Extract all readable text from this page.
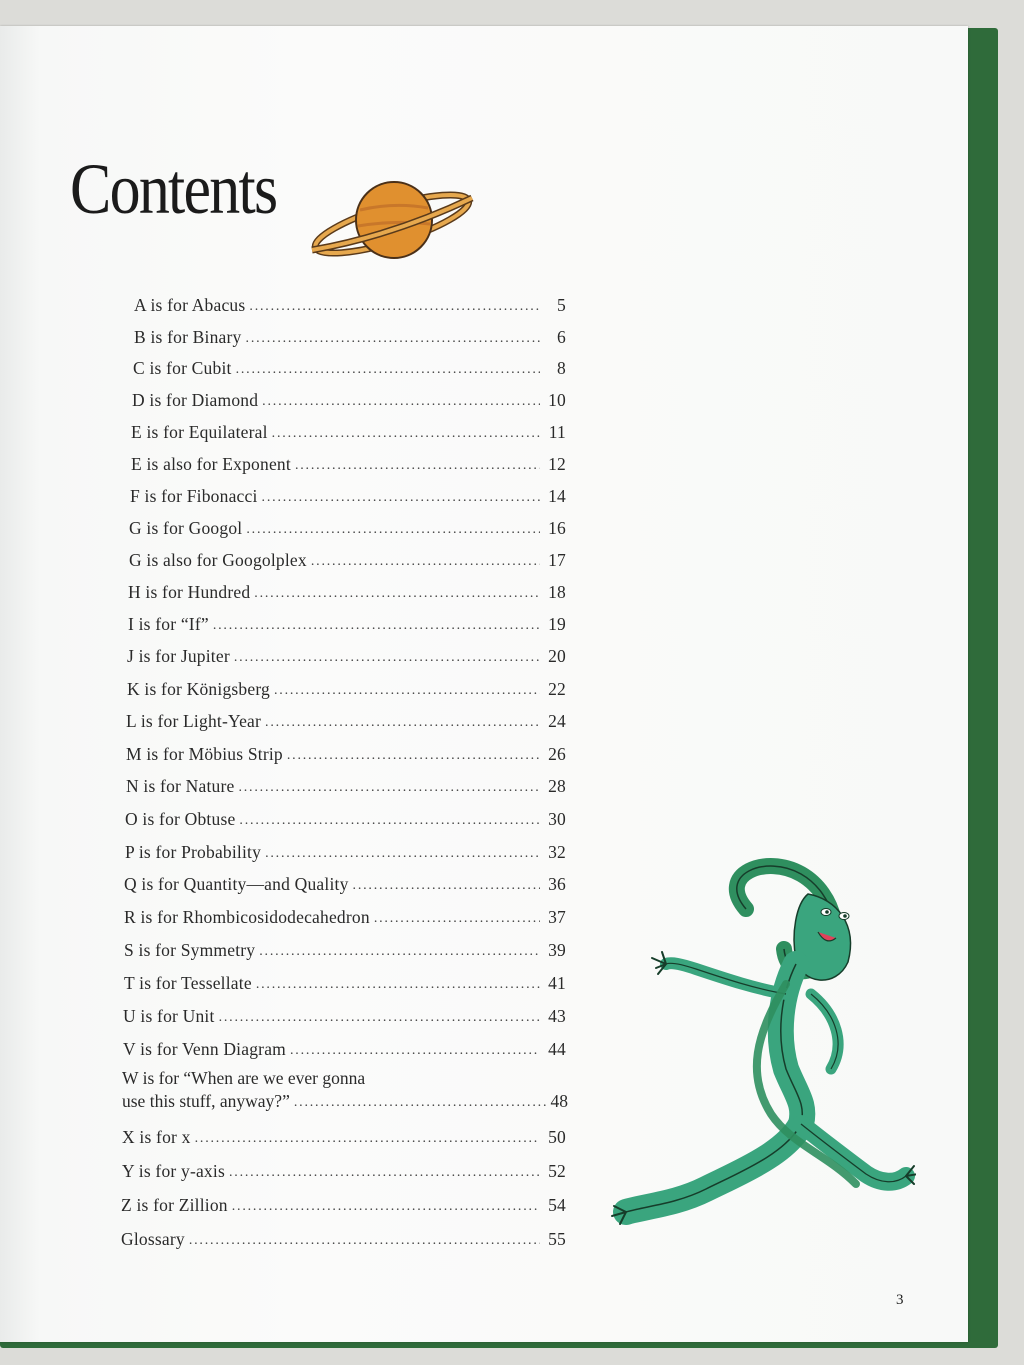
Contents
A is for Abacus .....	5
B is for Binary .....	6
C is for Cubit .....	8
D is for Diamond .....	10
E is for Equilateral .....	11
E is also for Exponent .....	12
F is for Fibonacci .....	14
G is for Googol .....	16
G is also for Googolplex .....	17
H is for Hundred .....	18
I is for “If” .....	19
J is for Jupiter .....	20
K is for Königsberg .....	22
L is for Light-Year .....	24
M is for Möbius Strip .....	26
N is for Nature .....	28
O is for Obtuse .....	30
P is for Probability .....	32
Q is for Quantity—and Quality .....	36
R is for Rhombicosidodecahedron .....	37
S is for Symmetry .....	39
T is for Tessellate .....	41
U is for Unit .....	43
V is for Venn Diagram .....	44
W is for “When are we ever gonna
use this stuff, anyway?” .....	48
X is for x .....	50
Y is for y-axis .....	52
Z is for Zillion .....	54
Glossary .....	55
3
